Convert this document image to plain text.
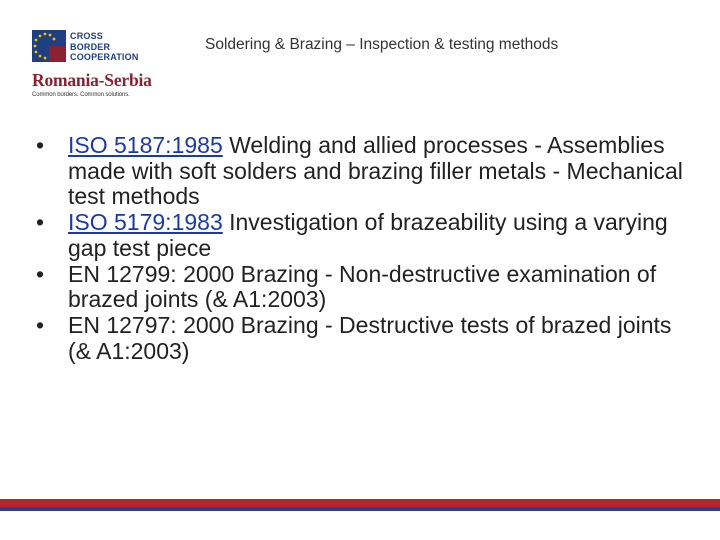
CROSS
BORDER
COOPERATION
Romania-Serbia
Common borders. Common solutions.
Soldering & Brazing – Inspection & testing methods
• ISO 5187:1985 Welding and allied processes - Assemblies made with soft solders and brazing filler metals - Mechanical test methods
• ISO 5179:1983 Investigation of brazeability using a varying gap test piece
• EN 12799: 2000 Brazing - Non-destructive examination of brazed joints (& A1:2003)
• EN 12797: 2000 Brazing - Destructive tests of brazed joints (& A1:2003)
